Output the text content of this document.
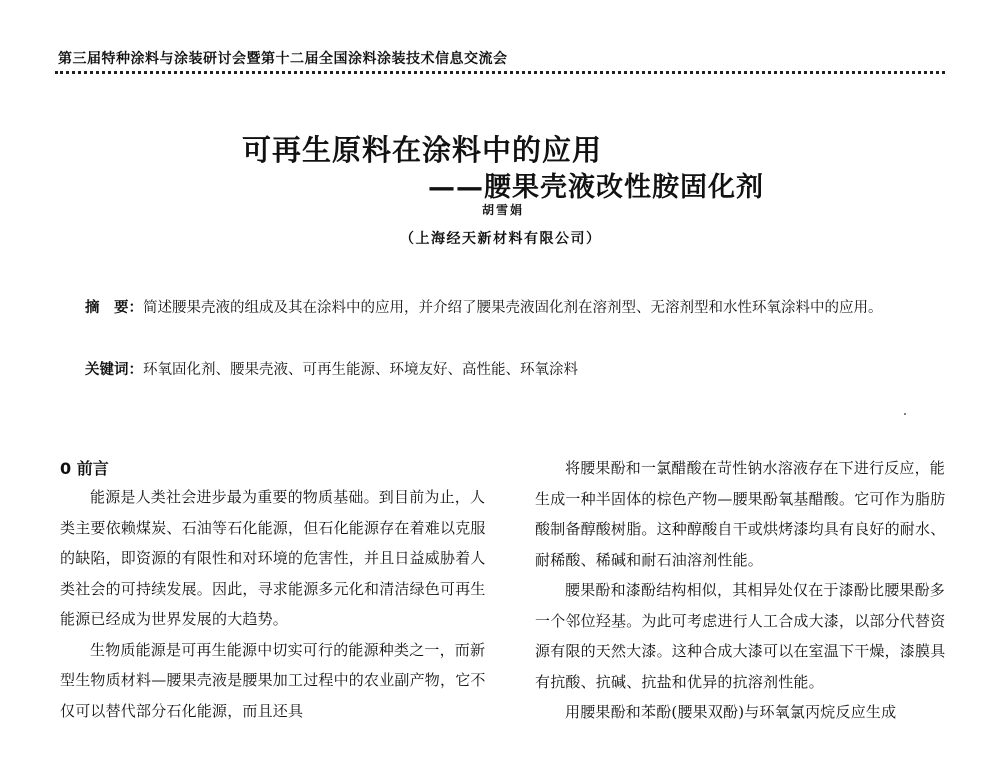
第三届特种涂料与涂装研讨会暨第十二届全国涂料涂装技术信息交流会
可再生原料在涂料中的应用
——腰果壳液改性胺固化剂
胡雪娟
（上海经天新材料有限公司）
摘　要：简述腰果壳液的组成及其在涂料中的应用，并介绍了腰果壳液固化剂在溶剂型、无溶剂型和水性环氧涂料中的应用。
关键词：环氧固化剂、腰果壳液、可再生能源、环境友好、高性能、环氧涂料
0 前言

能源是人类社会进步最为重要的物质基础。到目前为止，人类主要依赖煤炭、石油等石化能源，但石化能源存在着难以克服的缺陷，即资源的有限性和对环境的危害性，并且日益威胁着人类社会的可持续发展。因此，寻求能源多元化和清洁绿色可再生能源已经成为世界发展的大趋势。

生物质能源是可再生能源中切实可行的能源种类之一，而新型生物质材料—腰果壳液是腰果加工过程中的农业副产物，它不仅可以替代部分石化能源，而且还具

将腰果酚和一氯醋酸在苛性钠水溶液存在下进行反应，能生成一种半固体的棕色产物—腰果酚氧基醋酸。它可作为脂肪酸制备醇酸树脂。这种醇酸自干或烘烤漆均具有良好的耐水、耐稀酸、稀碱和耐石油溶剂性能。

腰果酚和漆酚结构相似，其相异处仅在于漆酚比腰果酚多一个邻位羟基。为此可考虑进行人工合成大漆，以部分代替资源有限的天然大漆。这种合成大漆可以在室温下干燥，漆膜具有抗酸、抗碱、抗盐和优异的抗溶剂性能。

用腰果酚和苯酚(腰果双酚)与环氧氯丙烷反应生成
